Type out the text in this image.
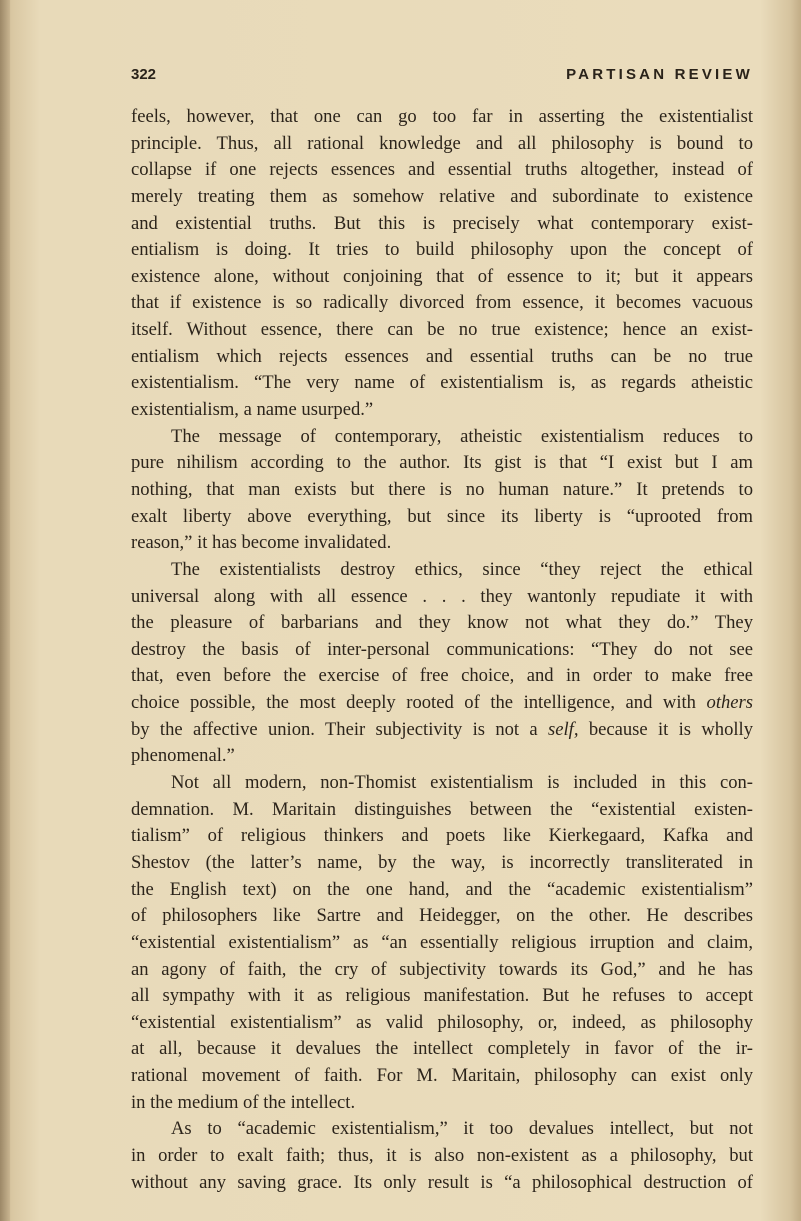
322	PARTISAN REVIEW
feels, however, that one can go too far in asserting the existentialist
principle. Thus, all rational knowledge and all philosophy is bound to
collapse if one rejects essences and essential truths altogether, instead of
merely treating them as somehow relative and subordinate to existence
and existential truths. But this is precisely what contemporary exist-
entialism is doing. It tries to build philosophy upon the concept of
existence alone, without conjoining that of essence to it; but it appears
that if existence is so radically divorced from essence, it becomes vacuous
itself. Without essence, there can be no true existence; hence an exist-
entialism which rejects essences and essential truths can be no true
existentialism. “The very name of existentialism is, as regards atheistic
existentialism, a name usurped.”
The message of contemporary, atheistic existentialism reduces to
pure nihilism according to the author. Its gist is that “I exist but I am
nothing, that man exists but there is no human nature.” It pretends to
exalt liberty above everything, but since its liberty is “uprooted from
reason,” it has become invalidated.
The existentialists destroy ethics, since “they reject the ethical
universal along with all essence . . . they wantonly repudiate it with
the pleasure of barbarians and they know not what they do.” They
destroy the basis of inter-personal communications: “They do not see
that, even before the exercise of free choice, and in order to make free
choice possible, the most deeply rooted of the intelligence, and with others
by the affective union. Their subjectivity is not a self, because it is wholly
phenomenal.”
Not all modern, non-Thomist existentialism is included in this con-
demnation. M. Maritain distinguishes between the “existential existen-
tialism” of religious thinkers and poets like Kierkegaard, Kafka and
Shestov (the latter’s name, by the way, is incorrectly transliterated in
the English text) on the one hand, and the “academic existentialism”
of philosophers like Sartre and Heidegger, on the other. He describes
“existential existentialism” as “an essentially religious irruption and claim,
an agony of faith, the cry of subjectivity towards its God,” and he has
all sympathy with it as religious manifestation. But he refuses to accept
“existential existentialism” as valid philosophy, or, indeed, as philosophy
at all, because it devalues the intellect completely in favor of the ir-
rational movement of faith. For M. Maritain, philosophy can exist only
in the medium of the intellect.
As to “academic existentialism,” it too devalues intellect, but not
in order to exalt faith; thus, it is also non-existent as a philosophy, but
without any saving grace. Its only result is “a philosophical destruction of
